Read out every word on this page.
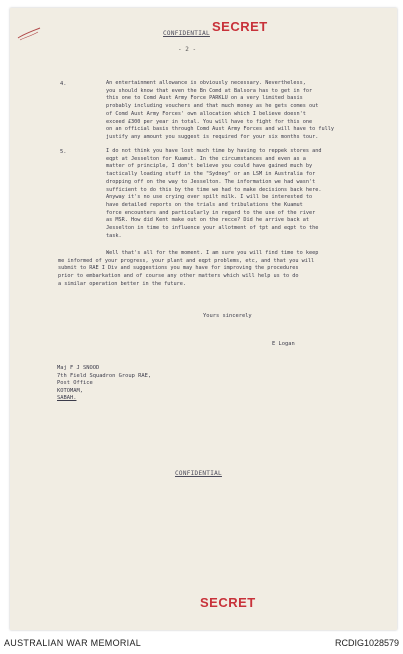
SECRET
CONFIDENTIAL
- 2 -
4.	An entertainment allowance is obviously necessary. Nevertheless,
you should know that even the Bn Comd at Balsora has to get in for
this one to Comd Aust Army Force PARKLU on a very limited basis
probably including vouchers and that much money as he gets comes out
of Comd Aust Army Forces' own allocation which I believe doesn't
exceed £300 per year in total. You will have to fight for this one
on an official basis through Comd Aust Army Forces and will have to fully
justify any amount you suggest is required for your six months tour.
5.	I do not think you have lost much time by having to reppek stores and
eqpt at Jesselton for Kuamut. In the circumstances and even as a
matter of principle, I don't believe you could have gained much by
tactically loading stuff in the "Sydney" or an LSM in Australia for
dropping off on the way to Jesselton. The information we had wasn't
sufficient to do this by the time we had to make decisions back here.
Anyway it's no use crying over spilt milk. I will be interested to
have detailed reports on the trials and tribulations the Kuamut
force encounters and particularly in regard to the use of the river
as MSR. How did Kent make out on the recce? Did he arrive back at
Jesselton in time to influence your allotment of tpt and eqpt to the
task.
Well that's all for the moment. I am sure you will find time to keep
me informed of your progress, your plant and eqpt problems, etc, and that you will
submit to RAE I Div and suggestions you may have for improving the procedures
prior to embarkation and of course any other matters which will help us to do
a similar operation better in the future.
Yours sincerely
E Logan
Maj F J SNOOD
7th Field Squadron Group RAE,
Post Office
KOTOMAM,
SABAH.
CONFIDENTIAL
SECRET
AUSTRALIAN WAR MEMORIAL	RCDIG1028579
